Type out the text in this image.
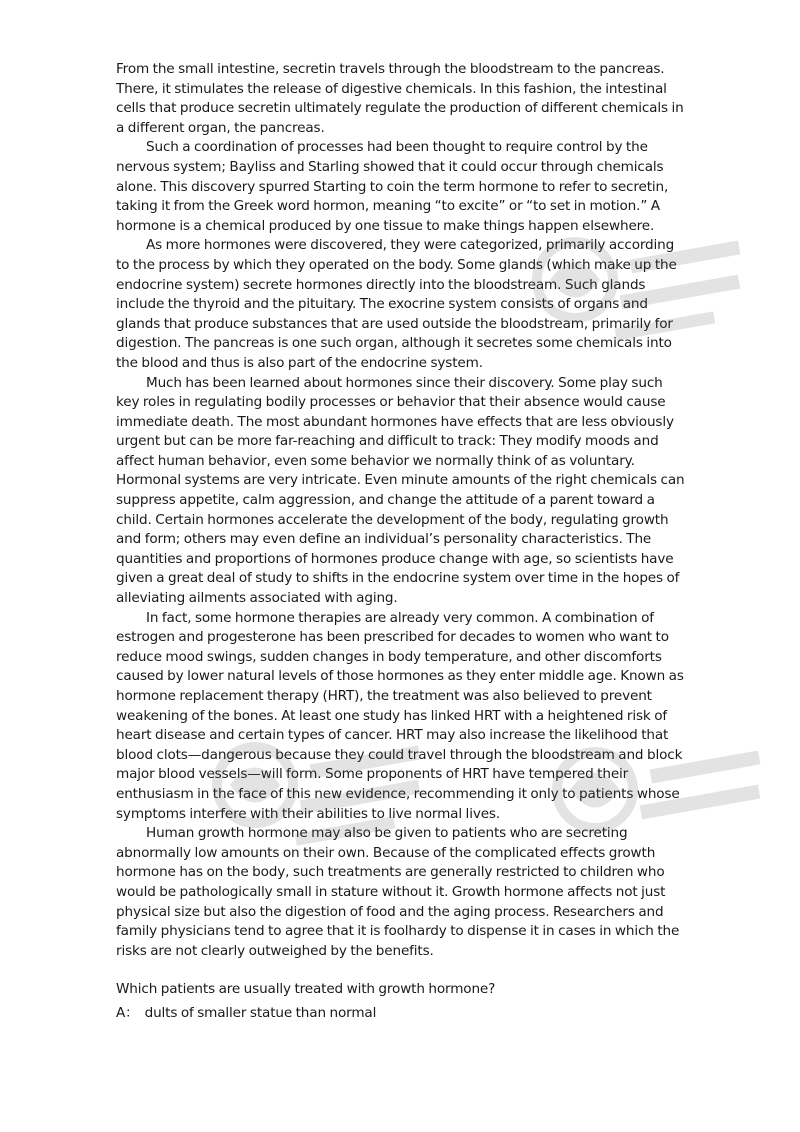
From the small intestine, secretin travels through the bloodstream to the pancreas. There, it stimulates the release of digestive chemicals. In this fashion, the intestinal cells that produce secretin ultimately regulate the production of different chemicals in a different organ, the pancreas.

Such a coordination of processes had been thought to require control by the nervous system; Bayliss and Starling showed that it could occur through chemicals alone. This discovery spurred Starting to coin the term hormone to refer to secretin, taking it from the Greek word hormon, meaning “to excite” or “to set in motion.” A hormone is a chemical produced by one tissue to make things happen elsewhere.

As more hormones were discovered, they were categorized, primarily according to the process by which they operated on the body. Some glands (which make up the endocrine system) secrete hormones directly into the bloodstream. Such glands include the thyroid and the pituitary. The exocrine system consists of organs and glands that produce substances that are used outside the bloodstream, primarily for digestion. The pancreas is one such organ, although it secretes some chemicals into the blood and thus is also part of the endocrine system.

Much has been learned about hormones since their discovery. Some play such key roles in regulating bodily processes or behavior that their absence would cause immediate death. The most abundant hormones have effects that are less obviously urgent but can be more far-reaching and difficult to track: They modify moods and affect human behavior, even some behavior we normally think of as voluntary. Hormonal systems are very intricate. Even minute amounts of the right chemicals can suppress appetite, calm aggression, and change the attitude of a parent toward a child. Certain hormones accelerate the development of the body, regulating growth and form; others may even define an individual’s personality characteristics. The quantities and proportions of hormones produce change with age, so scientists have given a great deal of study to shifts in the endocrine system over time in the hopes of alleviating ailments associated with aging.

In fact, some hormone therapies are already very common. A combination of estrogen and progesterone has been prescribed for decades to women who want to reduce mood swings, sudden changes in body temperature, and other discomforts caused by lower natural levels of those hormones as they enter middle age. Known as hormone replacement therapy (HRT), the treatment was also believed to prevent weakening of the bones. At least one study has linked HRT with a heightened risk of heart disease and certain types of cancer. HRT may also increase the likelihood that blood clots—dangerous because they could travel through the bloodstream and block major blood vessels—will form. Some proponents of HRT have tempered their enthusiasm in the face of this new evidence, recommending it only to patients whose symptoms interfere with their abilities to live normal lives.

Human growth hormone may also be given to patients who are secreting abnormally low amounts on their own. Because of the complicated effects growth hormone has on the body, such treatments are generally restricted to children who would be pathologically small in stature without it. Growth hormone affects not just physical size but also the digestion of food and the aging process. Researchers and family physicians tend to agree that it is foolhardy to dispense it in cases in which the risks are not clearly outweighed by the benefits.

Which patients are usually treated with growth hormone?

A： dults of smaller statue than normal
